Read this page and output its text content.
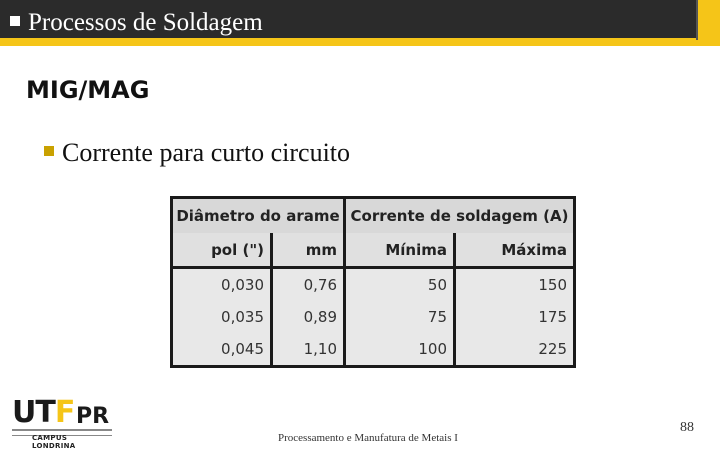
Processos de Soldagem
MIG/MAG
Corrente para curto circuito
Diâmetro do arame Corrente de soldagem (A)
pol (")	mm	Mínima	Máxima
0,030	0,76	50	150
0,035	0,89	75	175
0,045	1,10	100	225
UTF PR
CAMPUS LONDRINA
Processamento e Manufatura de Metais I
88
